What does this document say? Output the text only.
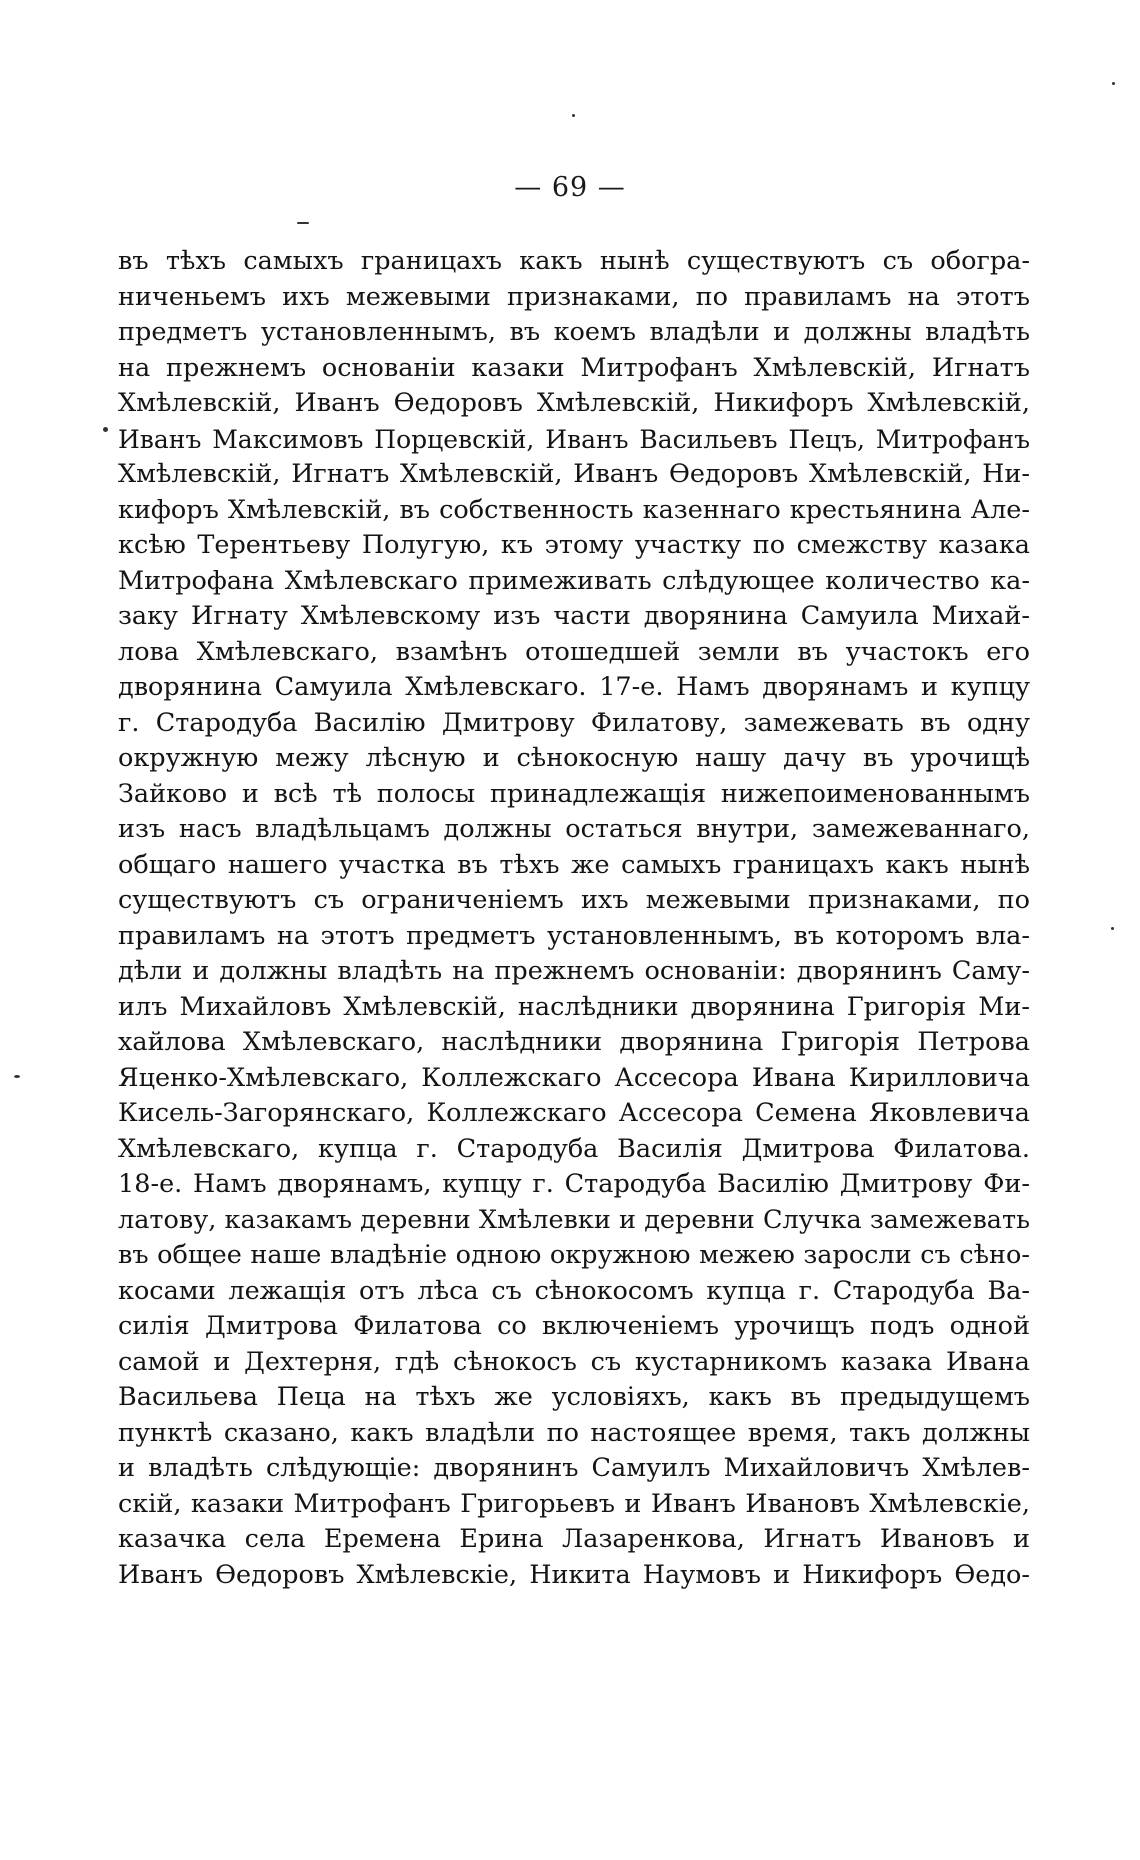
— 69 —
въ тѣхъ самыхъ границахъ какъ нынѣ существуютъ съ обогра-
ниченьемъ ихъ межевыми признаками, по правиламъ на этотъ
предметъ установленнымъ, въ коемъ владѣли и должны владѣть
на прежнемъ основаніи казаки Митрофанъ Хмѣлевскій, Игнатъ
Хмѣлевскій, Иванъ Ѳедоровъ Хмѣлевскій, Никифоръ Хмѣлевскій,
Иванъ Максимовъ Порцевскій, Иванъ Васильевъ Пецъ, Митрофанъ
Хмѣлевскій, Игнатъ Хмѣлевскій, Иванъ Ѳедоровъ Хмѣлевскій, Ни-
кифоръ Хмѣлевскій, въ собственность казеннаго крестьянина Але-
ксѣю Терентьеву Полугую, къ этому участку по смежству казака
Митрофана Хмѣлевскаго примеживать слѣдующее количество ка-
заку Игнату Хмѣлевскому изъ части дворянина Самуила Михай-
лова Хмѣлевскаго, взамѣнъ отошедшей земли въ участокъ его
дворянина Самуила Хмѣлевскаго. 17-е. Намъ дворянамъ и купцу
г. Стародуба Василію Дмитрову Филатову, замежевать въ одну
окружную межу лѣсную и сѣнокосную нашу дачу въ урочищѣ
Зайково и всѣ тѣ полосы принадлежащія нижепоименованнымъ
изъ насъ владѣльцамъ должны остаться внутри, замежеваннаго,
общаго нашего участка въ тѣхъ же самыхъ границахъ какъ нынѣ
существуютъ съ ограниченіемъ ихъ межевыми признаками, по
правиламъ на этотъ предметъ установленнымъ, въ которомъ вла-
дѣли и должны владѣть на прежнемъ основаніи: дворянинъ Саму-
илъ Михайловъ Хмѣлевскій, наслѣдники дворянина Григорія Ми-
хайлова Хмѣлевскаго, наслѣдники дворянина Григорія Петрова
Яценко-Хмѣлевскаго, Коллежскаго Ассесора Ивана Кирилловича
Кисель-Загорянскаго, Коллежскаго Ассесора Семена Яковлевича
Хмѣлевскаго, купца г. Стародуба Василія Дмитрова Филатова.
18-е. Намъ дворянамъ, купцу г. Стародуба Василію Дмитрову Фи-
латову, казакамъ деревни Хмѣлевки и деревни Случка замежевать
въ общее наше владѣніе одною окружною межею заросли съ сѣно-
косами лежащія отъ лѣса съ сѣнокосомъ купца г. Стародуба Ва-
силія Дмитрова Филатова со включеніемъ урочищъ подъ одной
самой и Дехтерня, гдѣ сѣнокосъ съ кустарникомъ казака Ивана
Васильева Пеца на тѣхъ же условіяхъ, какъ въ предыдущемъ
пунктѣ сказано, какъ владѣли по настоящее время, такъ должны
и владѣть слѣдующіе: дворянинъ Самуилъ Михайловичъ Хмѣлев-
скій, казаки Митрофанъ Григорьевъ и Иванъ Ивановъ Хмѣлевскіе,
казачка села Еремена Ерина Лазаренкова, Игнатъ Ивановъ и
Иванъ Ѳедоровъ Хмѣлевскіе, Никита Наумовъ и Никифоръ Ѳедо-
